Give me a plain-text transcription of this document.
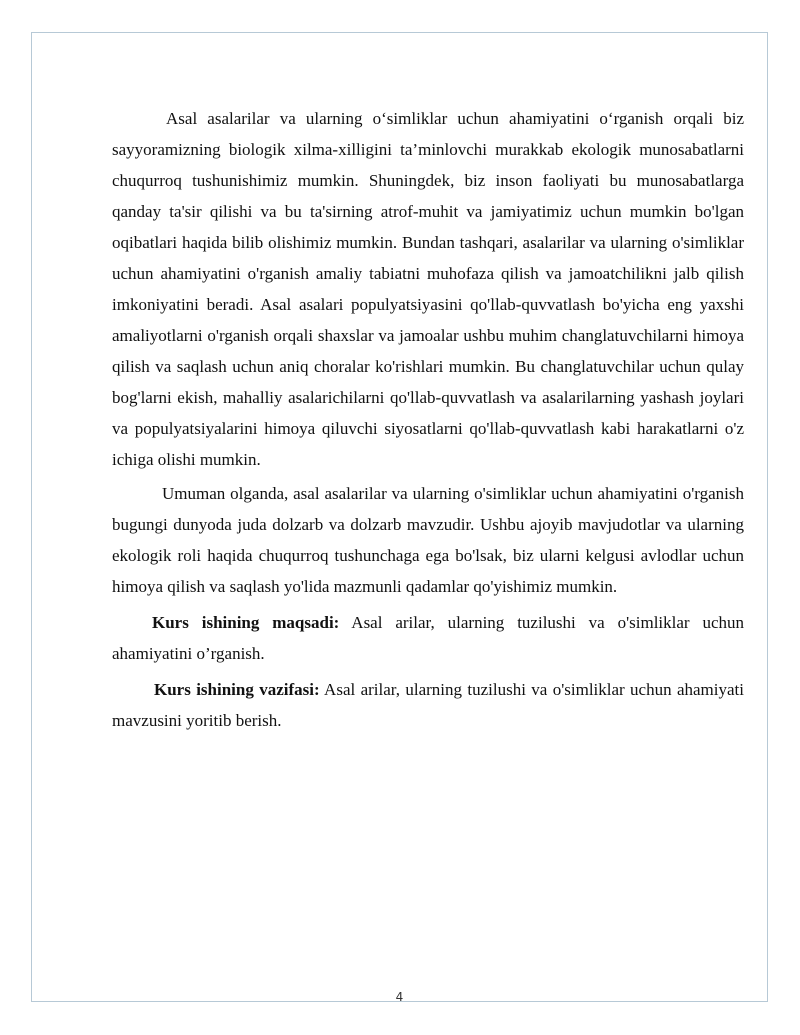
Asal asalarilar va ularning o‘simliklar uchun ahamiyatini o‘rganish orqali biz sayyoramizning biologik xilma-xilligini ta’minlovchi murakkab ekologik munosabatlarni chuqurroq tushunishimiz mumkin. Shuningdek, biz inson faoliyati bu munosabatlarga qanday ta'sir qilishi va bu ta'sirning atrof-muhit va jamiyatimiz uchun mumkin bo'lgan oqibatlari haqida bilib olishimiz mumkin. Bundan tashqari, asalarilar va ularning o'simliklar uchun ahamiyatini o'rganish amaliy tabiatni muhofaza qilish va jamoatchilikni jalb qilish imkoniyatini beradi. Asal asalari populyatsiyasini qo'llab-quvvatlash bo'yicha eng yaxshi amaliyotlarni o'rganish orqali shaxslar va jamoalar ushbu muhim changlatuvchilarni himoya qilish va saqlash uchun aniq choralar ko'rishlari mumkin. Bu changlatuvchilar uchun qulay bog'larni ekish, mahalliy asalarichilarni qo'llab-quvvatlash va asalarilarning yashash joylari va populyatsiyalarini himoya qiluvchi siyosatlarni qo'llab-quvvatlash kabi harakatlarni o'z ichiga olishi mumkin.

Umuman olganda, asal asalarilar va ularning o'simliklar uchun ahamiyatini o'rganish bugungi dunyoda juda dolzarb va dolzarb mavzudir. Ushbu ajoyib mavjudotlar va ularning ekologik roli haqida chuqurroq tushunchaga ega bo'lsak, biz ularni kelgusi avlodlar uchun himoya qilish va saqlash yo'lida mazmunli qadamlar qo'yishimiz mumkin.

Kurs ishining maqsadi: Asal arilar, ularning tuzilushi va o'simliklar uchun ahamiyatini o’rganish.

Kurs ishining vazifasi: Asal arilar, ularning tuzilushi va o'simliklar uchun ahamiyati mavzusini yoritib berish.

4
